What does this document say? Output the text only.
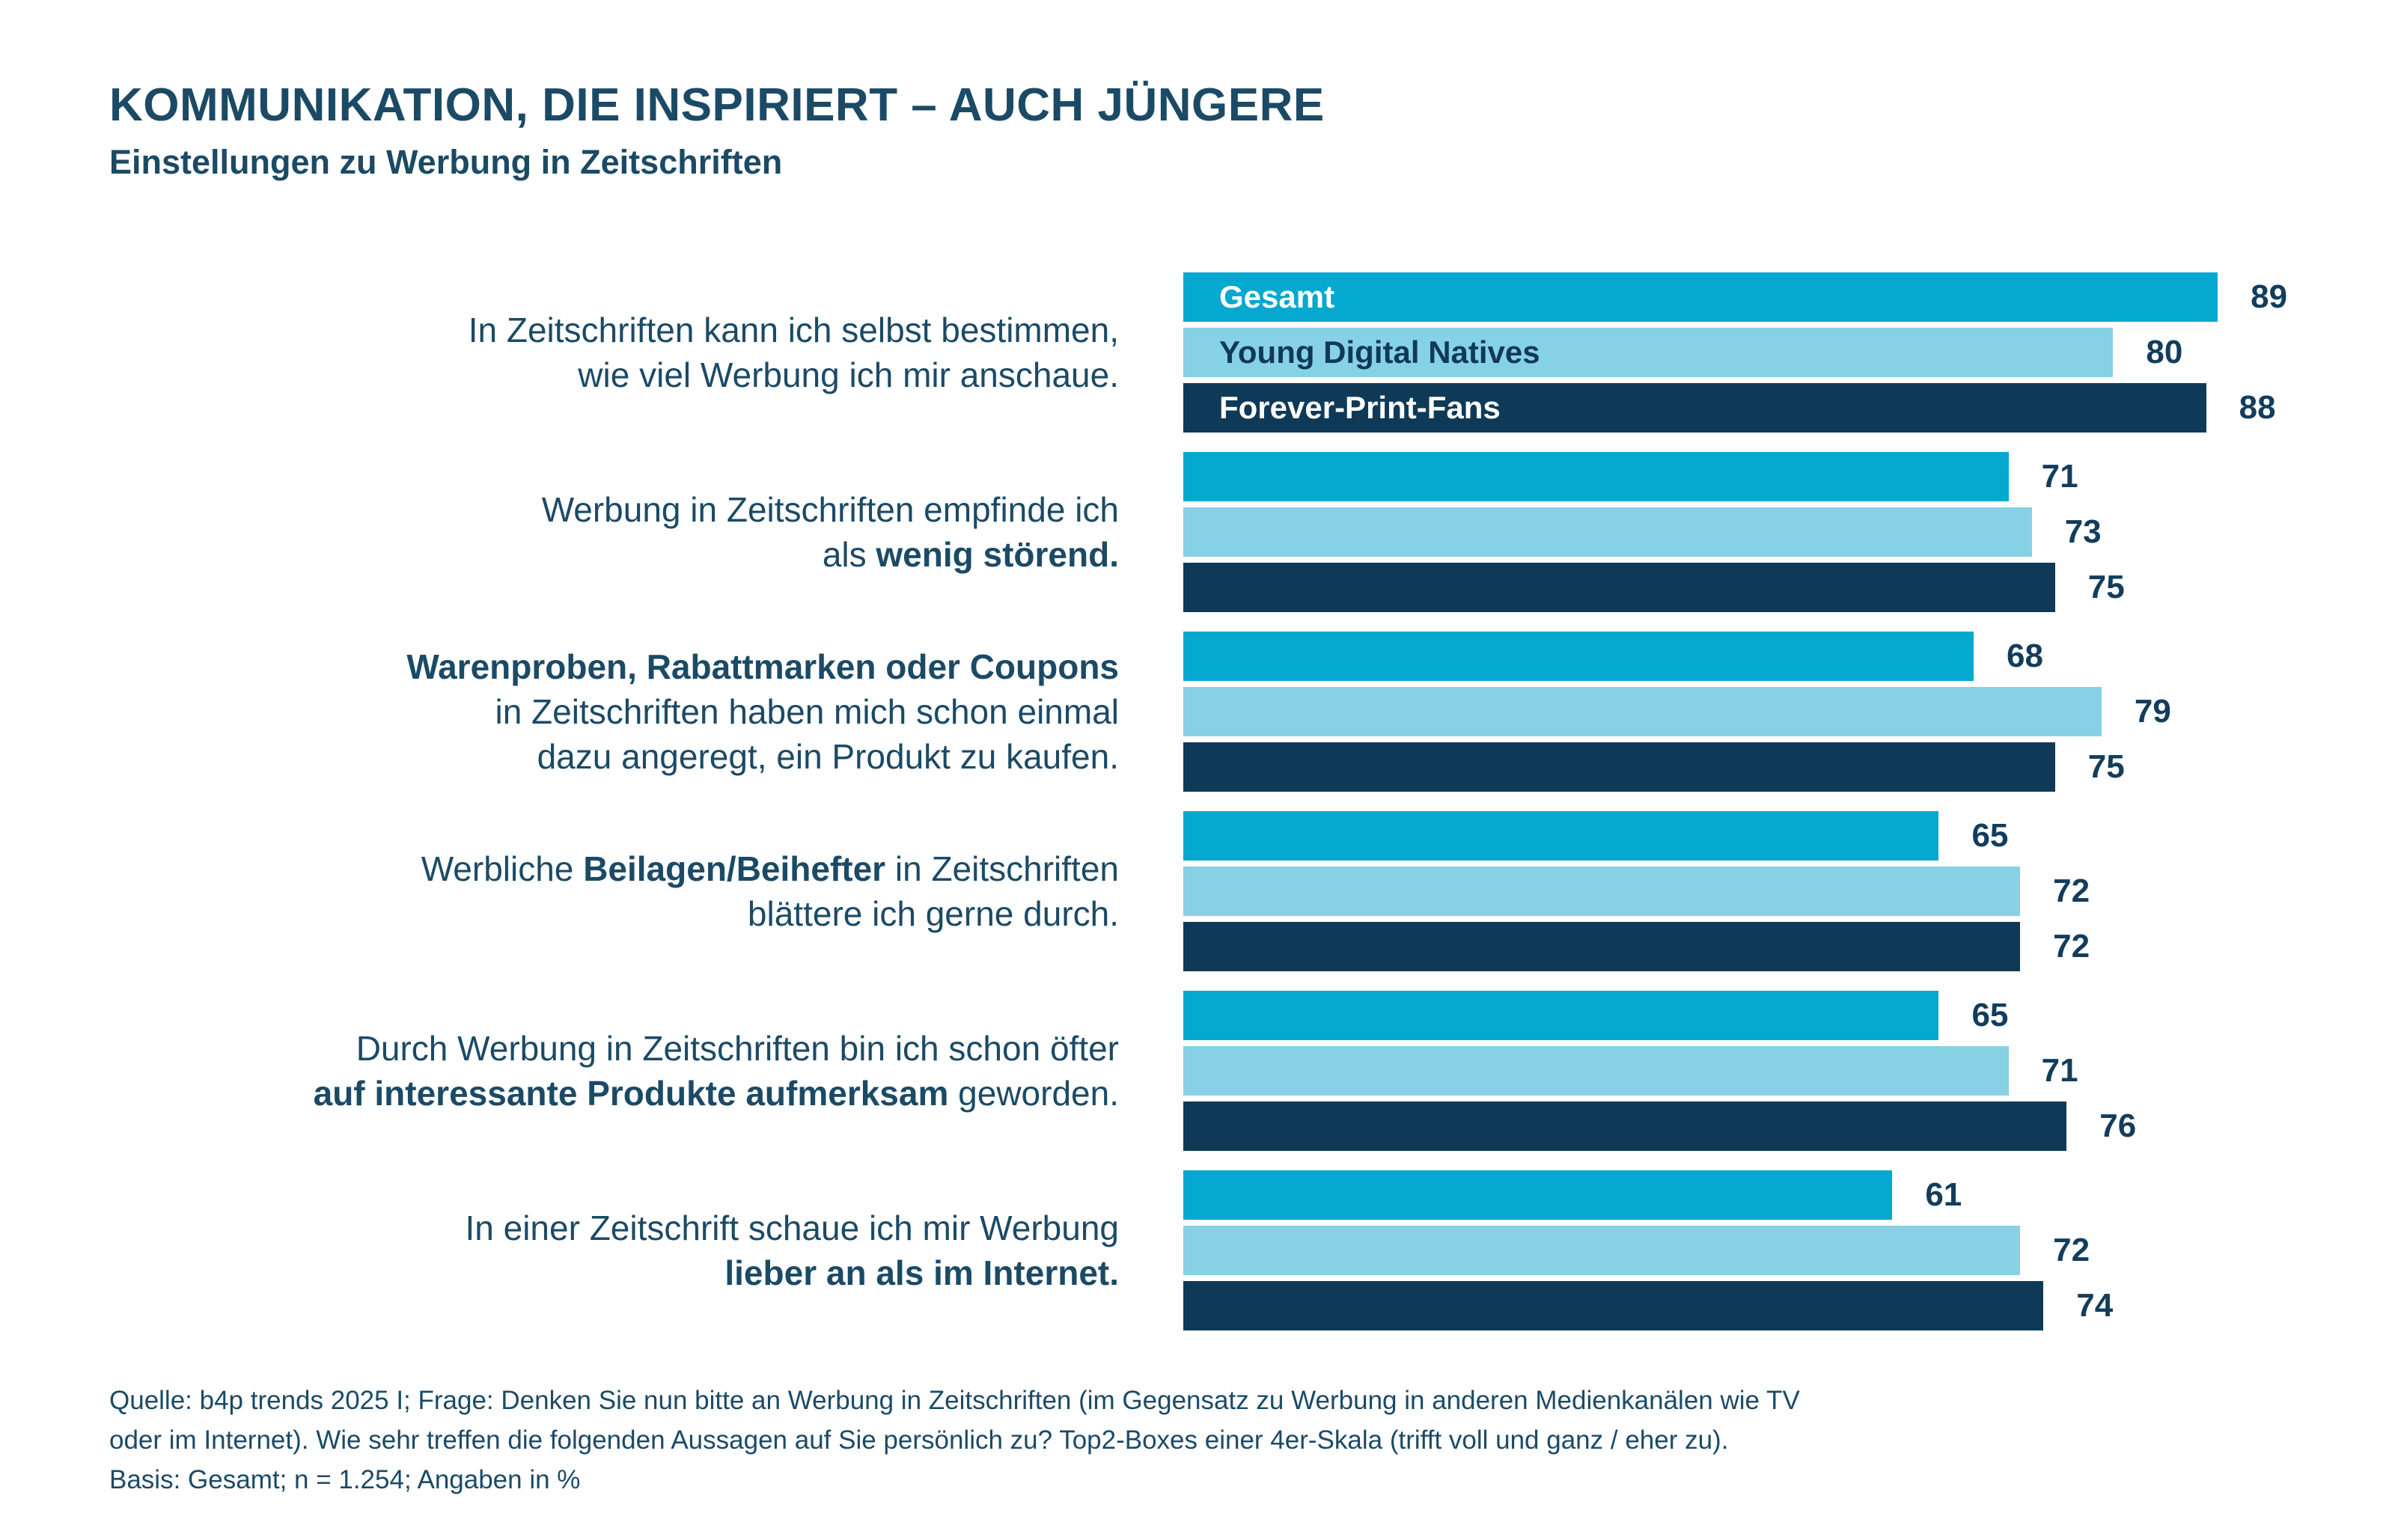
KOMMUNIKATION, DIE INSPIRIERT – AUCH JÜNGERE
Einstellungen zu Werbung in Zeitschriften
In Zeitschriften kann ich selbst bestimmen,
wie viel Werbung ich mir anschaue.
Gesamt	89
Young Digital Natives	80
Forever-Print-Fans	88
Werbung in Zeitschriften empfinde ich
als wenig störend.
71
73
75
Warenproben, Rabattmarken oder Coupons
in Zeitschriften haben mich schon einmal
dazu angeregt, ein Produkt zu kaufen.
68
79
75
Werbliche Beilagen/Beihefter in Zeitschriften
blättere ich gerne durch.
65
72
72
Durch Werbung in Zeitschriften bin ich schon öfter
auf interessante Produkte aufmerksam geworden.
65
71
76
In einer Zeitschrift schaue ich mir Werbung
lieber an als im Internet.
61
72
74
Quelle: b4p trends 2025 I; Frage: Denken Sie nun bitte an Werbung in Zeitschriften (im Gegensatz zu Werbung in anderen Medienkanälen wie TV
oder im Internet). Wie sehr treffen die folgenden Aussagen auf Sie persönlich zu? Top2-Boxes einer 4er-Skala (trifft voll und ganz / eher zu).
Basis: Gesamt; n = 1.254; Angaben in %
